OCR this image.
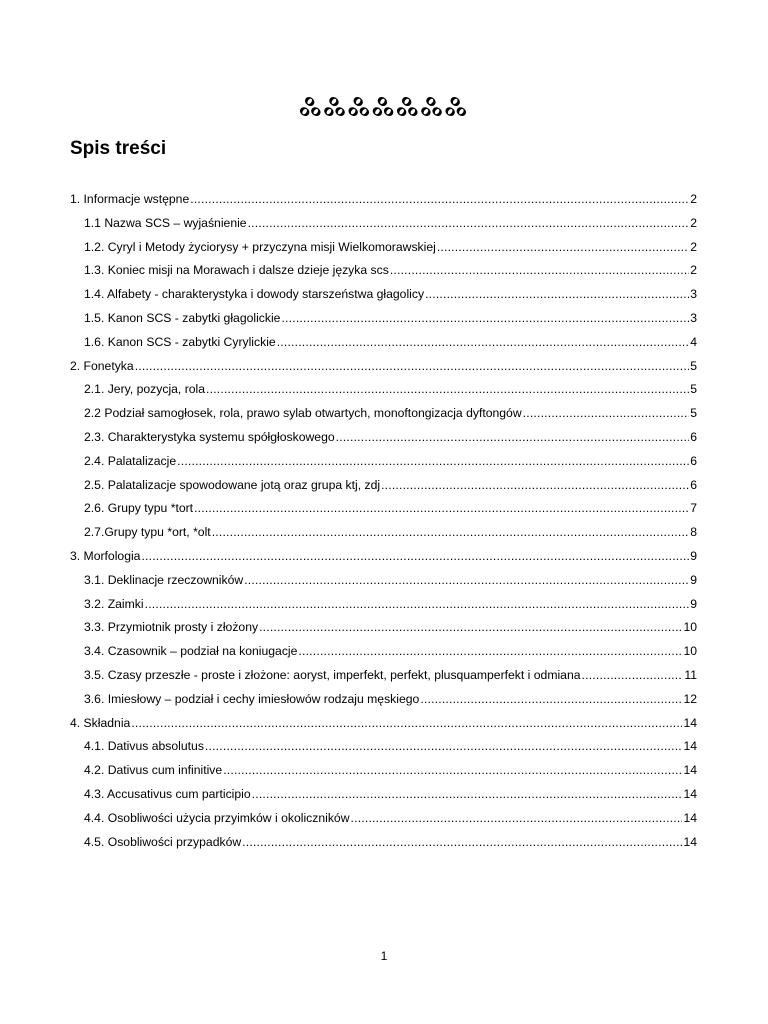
𑗘𑗘𑗘𑗘𑗘𑗘𑗘
Spis treści
1. Informacje wstępne .....	2
1.1 Nazwa SCS – wyjaśnienie .....	2
1.2. Cyryl i Metody życiorysy + przyczyna misji Wielkomorawskiej .....	2
1.3. Koniec misji na Morawach i dalsze dzieje języka scs .....	2
1.4. Alfabety - charakterystyka i dowody starszeństwa głagolicy .....	3
1.5. Kanon SCS - zabytki głagolickie .....	3
1.6. Kanon SCS - zabytki Cyrylickie .....	4
2. Fonetyka .....	5
2.1. Jery, pozycja, rola .....	5
2.2 Podział samogłosek, rola, prawo sylab otwartych, monoftongizacja dyftongów .....	5
2.3. Charakterystyka systemu spółgłoskowego .....	6
2.4. Palatalizacje .....	6
2.5. Palatalizacje spowodowane jotą oraz grupa ktj, zdj .....	6
2.6. Grupy typu *tort .....	7
2.7.Grupy typu *ort, *olt .....	8
3. Morfologia .....	9
3.1. Deklinacje rzeczowników .....	9
3.2. Zaimki .....	9
3.3. Przymiotnik prosty i złożony .....	10
3.4. Czasownik – podział na koniugacje .....	10
3.5. Czasy przeszłe - proste i złożone: aoryst, imperfekt, perfekt, plusquamperfekt i odmiana .....	11
3.6. Imiesłowy – podział i cechy imiesłowów rodzaju męskiego .....	12
4. Składnia .....	14
4.1. Dativus absolutus .....	14
4.2. Dativus cum infinitive .....	14
4.3. Accusativus cum participio .....	14
4.4. Osobliwości użycia przyimków i okoliczników .....	14
4.5. Osobliwości przypadków .....	14
1
